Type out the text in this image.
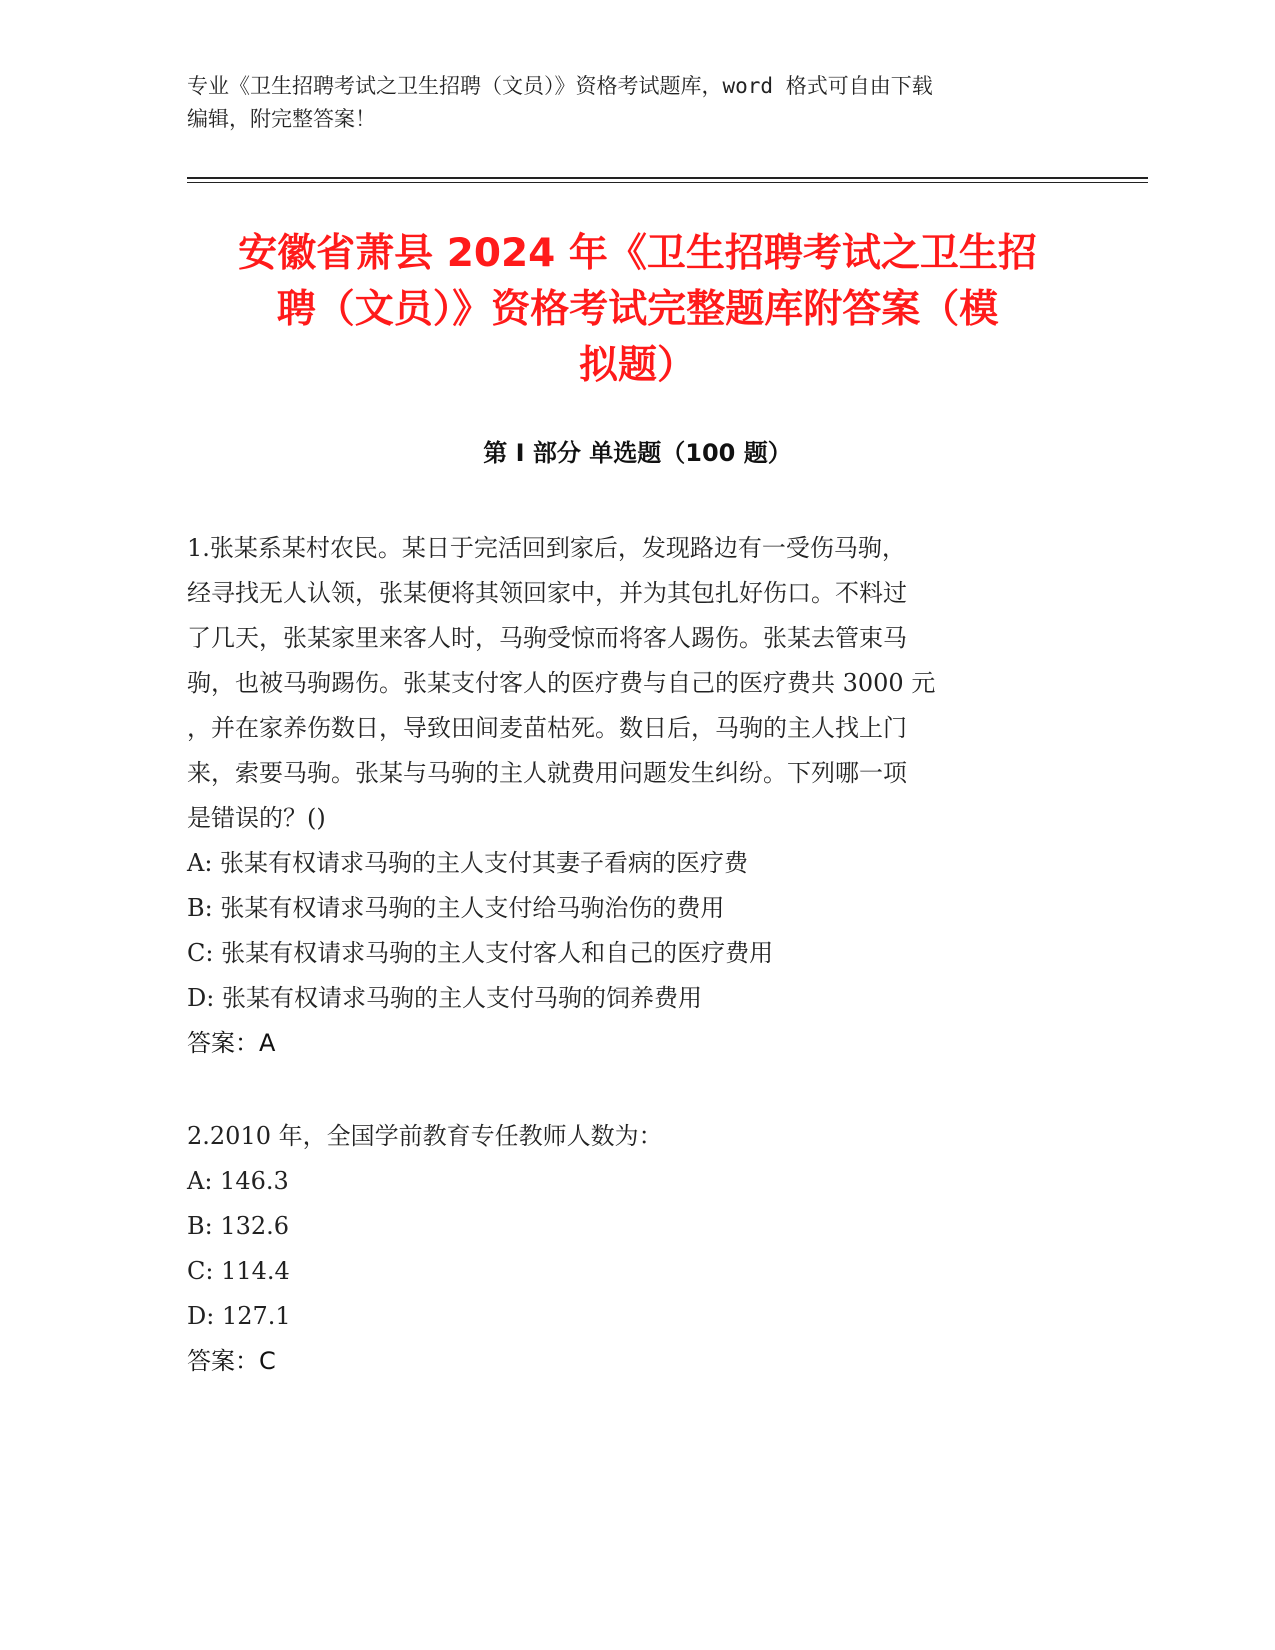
专业《卫生招聘考试之卫生招聘（文员）》资格考试题库，word 格式可自由下载
编辑，附完整答案！
安徽省萧县 2024 年《卫生招聘考试之卫生招
聘（文员）》资格考试完整题库附答案（模
拟题）
第 I 部分 单选题（100 题）
1.张某系某村农民。某日于完活回到家后，发现路边有一受伤马驹，
经寻找无人认领，张某便将其领回家中，并为其包扎好伤口。不料过
了几天，张某家里来客人时，马驹受惊而将客人踢伤。张某去管束马
驹，也被马驹踢伤。张某支付客人的医疗费与自己的医疗费共 3000 元
，并在家养伤数日，导致田间麦苗枯死。数日后，马驹的主人找上门
来，索要马驹。张某与马驹的主人就费用问题发生纠纷。下列哪一项
是错误的？()
A: 张某有权请求马驹的主人支付其妻子看病的医疗费
B: 张某有权请求马驹的主人支付给马驹治伤的费用
C: 张某有权请求马驹的主人支付客人和自己的医疗费用
D: 张某有权请求马驹的主人支付马驹的饲养费用
答案：A
2.2010 年，全国学前教育专任教师人数为：
A: 146.3
B: 132.6
C: 114.4
D: 127.1
答案：C
